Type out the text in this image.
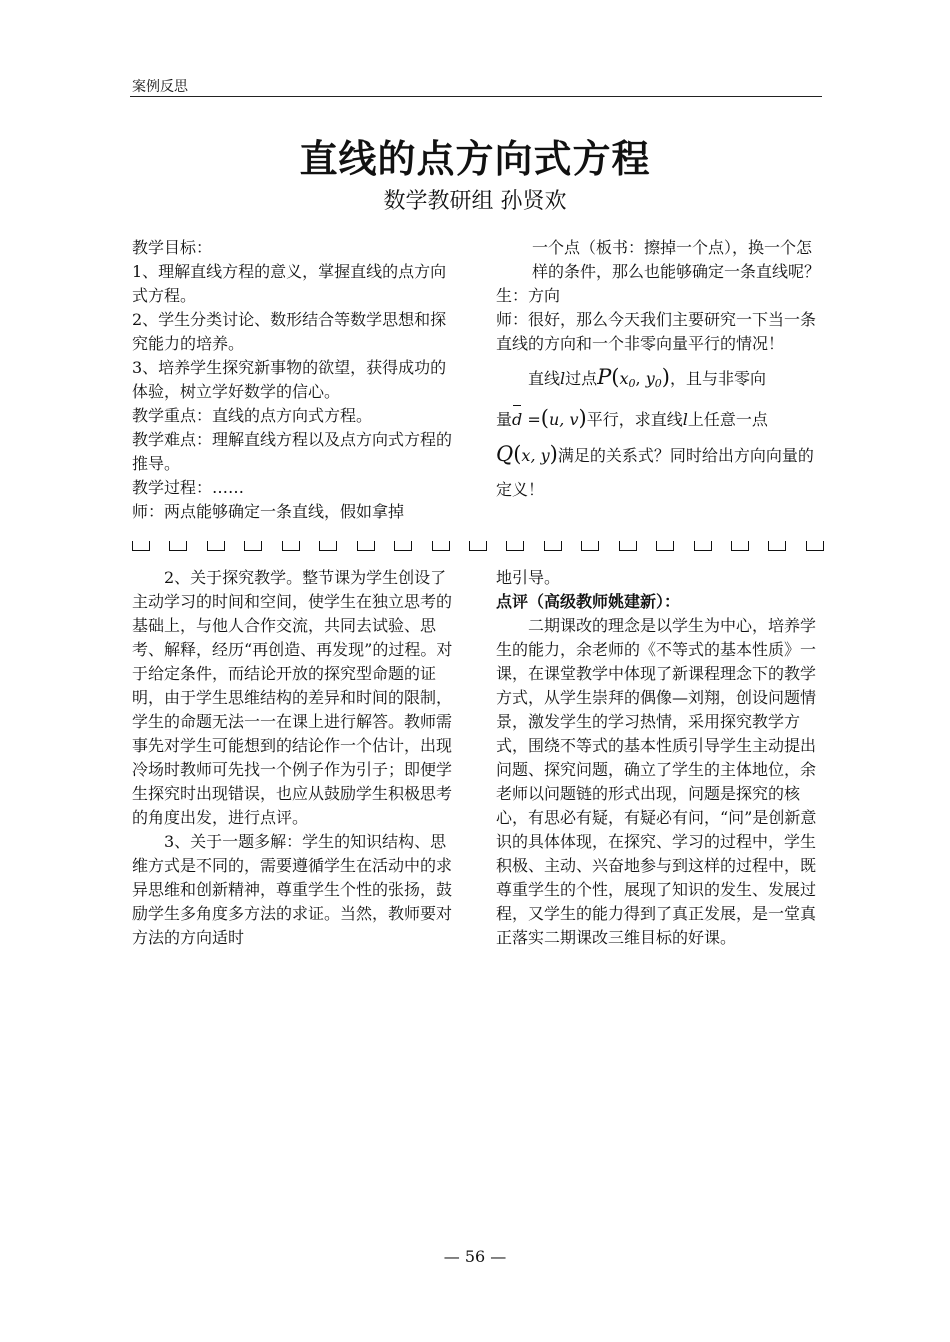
案例反思
直线的点方向式方程
数学教研组 孙贤欢

教学目标：

1、理解直线方程的意义，掌握直线的点方向式方程。

2、学生分类讨论、数形结合等数学思想和探究能力的培养。

3、培养学生探究新事物的欲望，获得成功的体验，树立学好数学的信心。

教学重点：直线的点方向式方程。

教学难点：理解直线方程以及点方向式方程的推导。

教学过程：……

师：两点能够确定一条直线，假如拿掉

一个点（板书：擦掉一个点），换一个怎样的条件，那么也能够确定一条直线呢？

生：方向

师：很好，那么今天我们主要研究一下当一条直线的方向和一个非零向量平行的情况！

直线l过点$P(x_0$, $y_0$)，且与非零向

量d =(u, v)平行，求直线l上任意一点

Q(x, y)满足的关系式？同时给出方向向量的定义！

2、关于探究教学。整节课为学生创设了主动学习的时间和空间，使学生在独立思考的基础上，与他人合作交流，共同去试验、思考、解释，经历“再创造、再发现”的过程。对于给定条件，而结论开放的探究型命题的证明，由于学生思维结构的差异和时间的限制，学生的命题无法一一在课上进行解答。教师需事先对学生可能想到的结论作一个估计，出现冷场时教师可先找一个例子作为引子；即便学生探究时出现错误，也应从鼓励学生积极思考的角度出发，进行点评。

3、关于一题多解：学生的知识结构、思维方式是不同的，需要遵循学生在活动中的求异思维和创新精神，尊重学生个性的张扬，鼓励学生多角度多方法的求证。当然，教师要对方法的方向适时

地引导。

点评（高级教师姚建新）：

二期课改的理念是以学生为中心，培养学生的能力，余老师的《不等式的基本性质》一课，在课堂教学中体现了新课程理念下的教学方式，从学生崇拜的偶像—刘翔，创设问题情景，激发学生的学习热情，采用探究教学方式，围绕不等式的基本性质引导学生主动提出问题、探究问题，确立了学生的主体地位，余老师以问题链的形式出现，问题是探究的核心，有思必有疑，有疑必有问，“问”是创新意识的具体体现，在探究、学习的过程中，学生积极、主动、兴奋地参与到这样的过程中，既尊重学生的个性，展现了知识的发生、发展过程，又学生的能力得到了真正发展，是一堂真正落实二期课改三维目标的好课。

— 56 —
